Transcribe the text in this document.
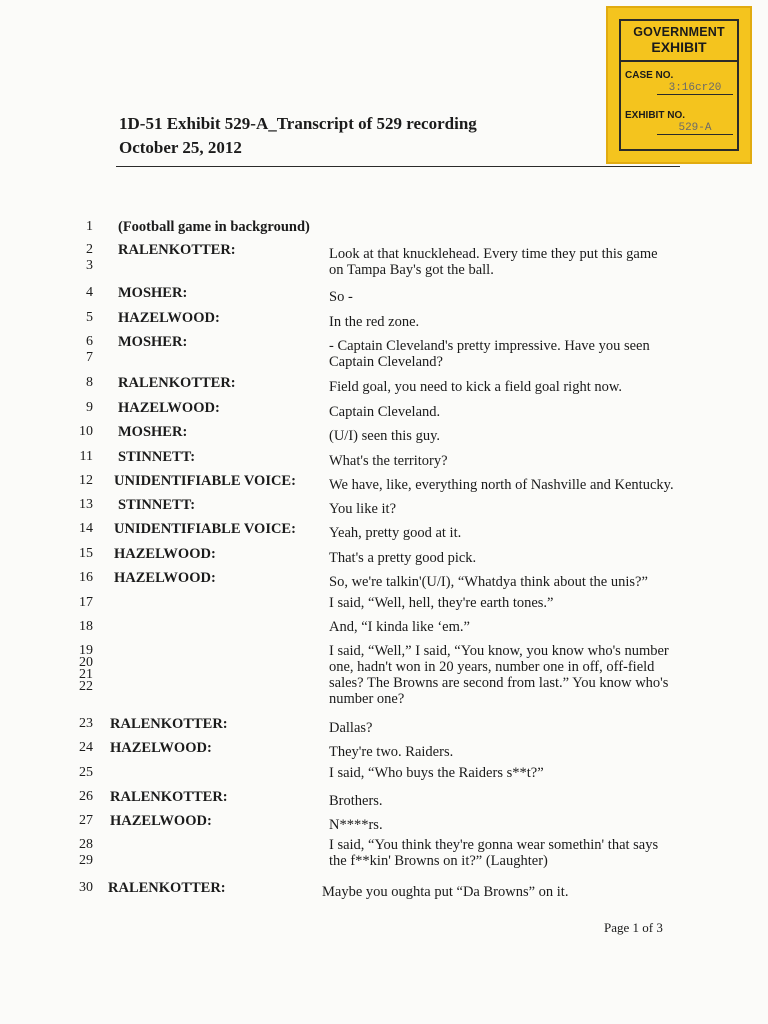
GOVERNMENT
EXHIBIT
CASE NO.
3:16cr20
EXHIBIT NO.
529-A
1D-51 Exhibit 529-A_Transcript of 529 recording
October 25, 2012
1 (Football game in background)
2
3
RALENKOTTER:	Look at that knucklehead. Every time they put this game on Tampa Bay's got the ball.
4 MOSHER:	So -
5 HAZELWOOD:	In the red zone.
6
7
MOSHER:	- Captain Cleveland's pretty impressive. Have you seen Captain Cleveland?
8 RALENKOTTER:	Field goal, you need to kick a field goal right now.
9 HAZELWOOD:	Captain Cleveland.
10 MOSHER:	(U/I) seen this guy.
11 STINNETT:	What's the territory?
12 UNIDENTIFIABLE VOICE: We have, like, everything north of Nashville and Kentucky.
13 STINNETT:	You like it?
14 UNIDENTIFIABLE VOICE: Yeah, pretty good at it.
15 HAZELWOOD:	That's a pretty good pick.
16 HAZELWOOD:	So, we're talkin'(U/I), “Whatdya think about the unis?”
17	I said, “Well, hell, they're earth tones.”
18	And, “I kinda like ‘em.”
19
20
21
22
I said, “Well,” I said, “You know, you know who's number one, hadn't won in 20 years, number one in off, off-field sales? The Browns are second from last.” You know who's number one?
23 RALENKOTTER:	Dallas?
24 HAZELWOOD:	They're two. Raiders.
25	I said, “Who buys the Raiders s**t?”
26 RALENKOTTER:	Brothers.
27 HAZELWOOD:	N****rs.
28
29
I said, “You think they're gonna wear somethin' that says the f**kin' Browns on it?” (Laughter)
30 RALENKOTTER:	Maybe you oughta put “Da Browns” on it.
Page 1 of 3
